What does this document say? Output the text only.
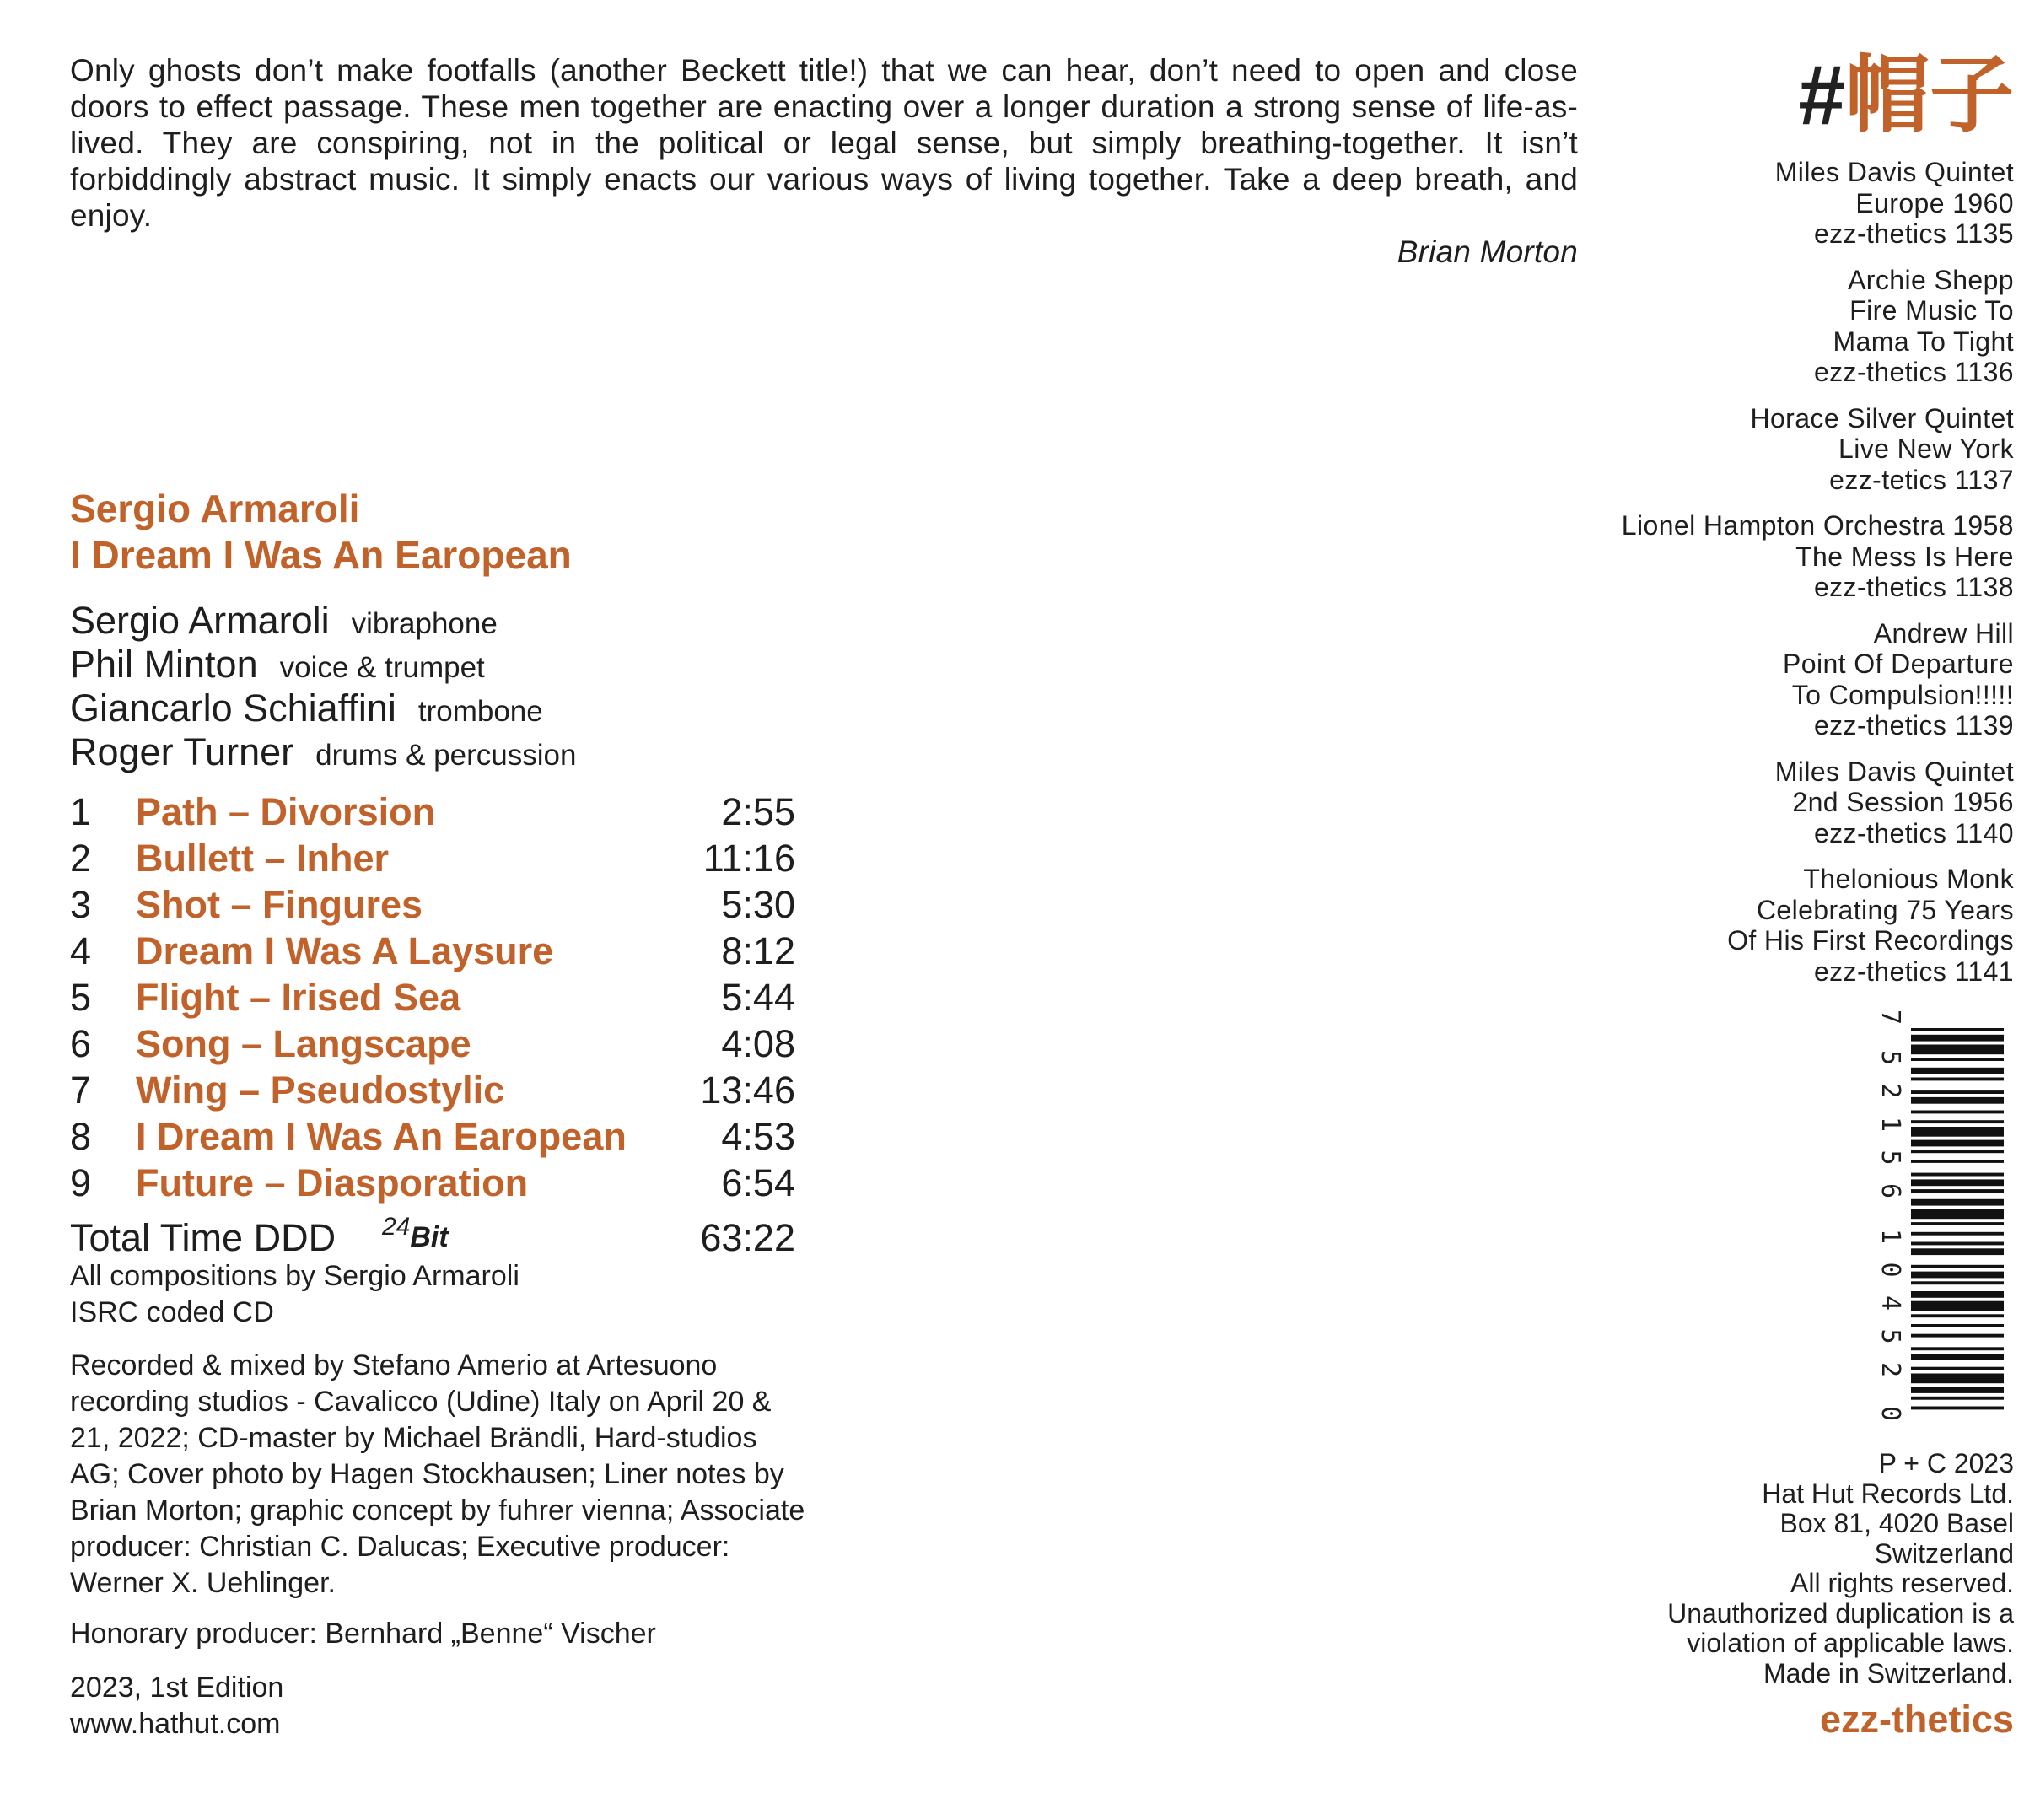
Only ghosts don’t make footfalls (another Beckett title!) that we can hear, don’t need to open and close doors to effect passage. These men together are enacting over a longer duration a strong sense of life-as-lived. They are conspiring, not in the political or legal sense, but simply breathing-together. It isn’t forbiddingly abstract music. It simply enacts our various ways of living together. Take a deep breath, and enjoy.
Brian Morton
Sergio Armaroli
I Dream I Was An Earopean
Sergio Armaroli vibraphone
Phil Minton voice & trumpet
Giancarlo Schiaffini trombone
Roger Turner drums & percussion
1 Path – Divorsion	2:55
2 Bullett – Inher	11:16
3 Shot – Fingures	5:30
4 Dream I Was A Laysure	8:12
5 Flight – Irised Sea	5:44
6 Song – Langscape	4:08
7 Wing – Pseudostylic	13:46
8 I Dream I Was An Earopean	4:53
9 Future – Diasporation	6:54
Total Time DDD 24Bit	63:22
All compositions by Sergio Armaroli
ISRC coded CD
Recorded & mixed by Stefano Amerio at Artesuono recording studios - Cavalicco (Udine) Italy on April 20 & 21, 2022; CD-master by Michael Brändli, Hard-studios AG; Cover photo by Hagen Stockhausen; Liner notes by Brian Morton; graphic concept by fuhrer vienna; Associate producer: Christian C. Dalucas; Executive producer: Werner X. Uehlinger.
Honorary producer: Bernhard „Benne“ Vischer
2023, 1st Edition
www.hathut.com
#帽子
Miles Davis Quintet
Europe 1960
ezz-thetics 1135
Archie Shepp
Fire Music To
Mama To Tight
ezz-thetics 1136
Horace Silver Quintet
Live New York
ezz-tetics 1137
Lionel Hampton Orchestra 1958
The Mess Is Here
ezz-thetics 1138
Andrew Hill
Point Of Departure
To Compulsion!!!!!
ezz-thetics 1139
Miles Davis Quintet
2nd Session 1956
ezz-thetics 1140
Thelonious Monk
Celebrating 75 Years
Of His First Recordings
ezz-thetics 1141
7
52156
10452
0
P + C 2023
Hat Hut Records Ltd.
Box 81, 4020 Basel
Switzerland
All rights reserved.
Unauthorized duplication is a
violation of applicable laws.
Made in Switzerland.
ezz-thetics
